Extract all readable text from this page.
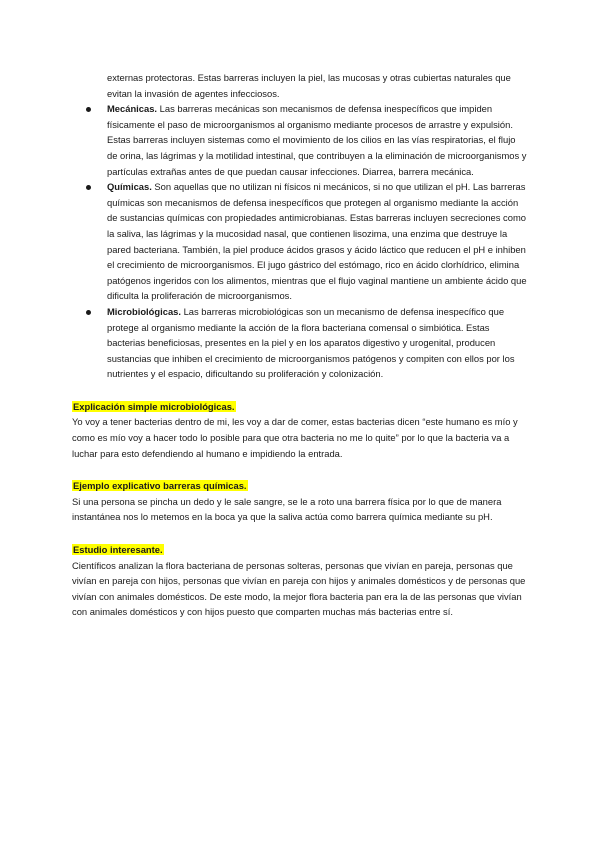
externas protectoras. Estas barreras incluyen la piel, las mucosas y otras cubiertas naturales que evitan la invasión de agentes infecciosos.

Mecánicas. Las barreras mecánicas son mecanismos de defensa inespecíficos que impiden físicamente el paso de microorganismos al organismo mediante procesos de arrastre y expulsión. Estas barreras incluyen sistemas como el movimiento de los cilios en las vías respiratorias, el flujo de orina, las lágrimas y la motilidad intestinal, que contribuyen a la eliminación de microorganismos y partículas extrañas antes de que puedan causar infecciones. Diarrea, barrera mecánica.
Químicas. Son aquellas que no utilizan ni físicos ni mecánicos, si no que utilizan el pH. Las barreras químicas son mecanismos de defensa inespecíficos que protegen al organismo mediante la acción de sustancias químicas con propiedades antimicrobianas. Estas barreras incluyen secreciones como la saliva, las lágrimas y la mucosidad nasal, que contienen lisozima, una enzima que destruye la pared bacteriana. También, la piel produce ácidos grasos y ácido láctico que reducen el pH e inhiben el crecimiento de microorganismos. El jugo gástrico del estómago, rico en ácido clorhídrico, elimina patógenos ingeridos con los alimentos, mientras que el flujo vaginal mantiene un ambiente ácido que dificulta la proliferación de microorganismos.
Microbiológicas. Las barreras microbiológicas son un mecanismo de defensa inespecífico que protege al organismo mediante la acción de la flora bacteriana comensal o simbiótica. Estas bacterias beneficiosas, presentes en la piel y en los aparatos digestivo y urogenital, producen sustancias que inhiben el crecimiento de microorganismos patógenos y compiten con ellos por los nutrientes y el espacio, dificultando su proliferación y colonización.
Explicación simple microbiológicas.

Yo voy a tener bacterias dentro de mi, les voy a dar de comer, estas bacterias dicen “este humano es mío y como es mío voy a hacer todo lo posible para que otra bacteria no me lo quite” por lo que la bacteria va a luchar para esto defendiendo al humano e impidiendo la entrada.

Ejemplo explicativo barreras químicas.

Si una persona se pincha un dedo y le sale sangre, se le a roto una barrera física por lo que de manera instantánea nos lo metemos en la boca ya que la saliva actúa como barrera química mediante su pH.

Estudio interesante.

Científicos analizan la flora bacteriana de personas solteras, personas que vivían en pareja, personas que vivían en pareja con hijos, personas que vivían en pareja con hijos y animales domésticos y de personas que vivían con animales domésticos. De este modo, la mejor flora bacteria pan era la de las personas que vivían con animales domésticos y con hijos puesto que comparten muchas más bacterias entre sí.
